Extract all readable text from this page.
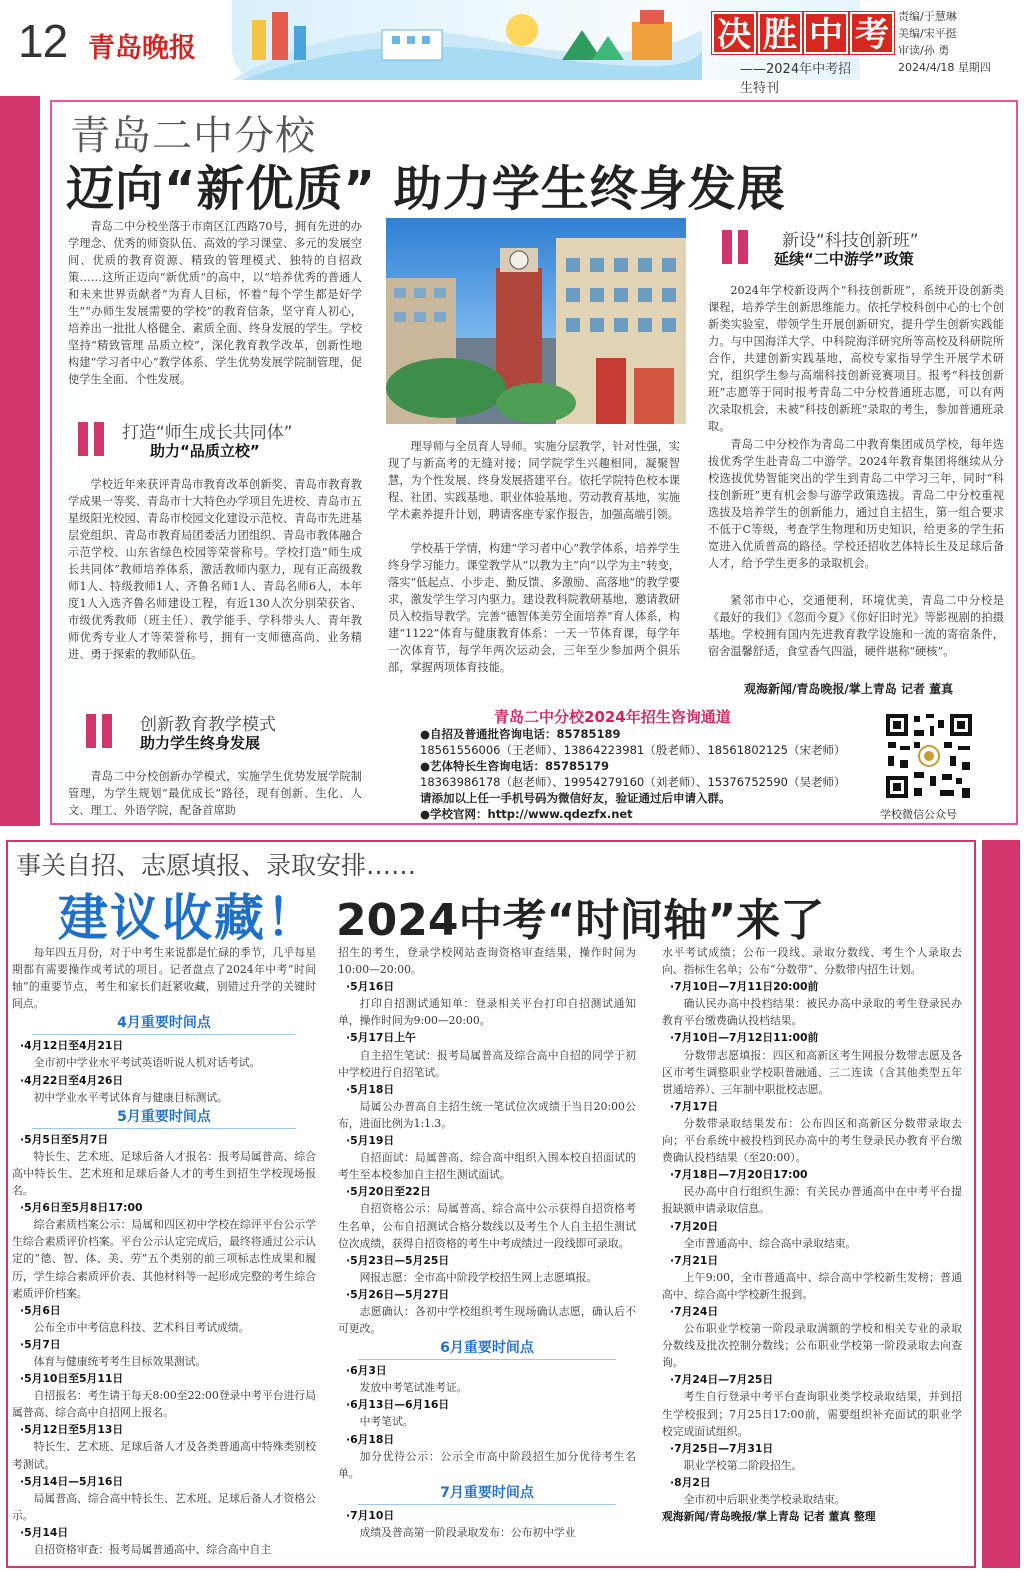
12 青岛晚报	决 胜 中 考
——2024年中考招生特刊
责编/于慧琳
美编/宋平挺
审读/孙 勇
2024/4/18 星期四
青岛二中分校
迈向“新优质” 助力学生终身发展
青岛二中分校坐落于市南区江西路70号，拥有先进的办学理念、优秀的师资队伍、高效的学习课堂、多元的发展空间、优质的教育资源、精致的管理模式、独特的自招政策……这所正迈向“新优质”的高中，以“培养优秀的普通人和未来世界贡献者”为育人目标，怀着“每个学生都是好学生”“办师生发展需要的学校”的教育信条，坚守育人初心，培养出一批批人格健全、素质全面、终身发展的学生。学校坚持“精致管理 品质立校”，深化教育教学改革，创新性地构建“学习者中心”教学体系、学生优势发展学院制管理，促使学生全面、个性发展。
打造“师生成长共同体”
助力“品质立校”
学校近年来获评青岛市教育改革创新奖、青岛市教育教学成果一等奖、青岛市十大特色办学项目先进校、青岛市五星级阳光校园、青岛市校园文化建设示范校、青岛市先进基层党组织、青岛市教育局团委活力团组织、青岛市教体融合示范学校、山东省绿色校园等荣誉称号。学校打造“师生成长共同体”教师培养体系，激活教师内驱力，现有正高级教师1人、特级教师1人、齐鲁名师1人、青岛名师6人，本年度1人入选齐鲁名师建设工程，有近130人次分别荣获省、市级优秀教师（班主任）、教学能手、学科带头人、青年教师优秀专业人才等荣誉称号，拥有一支师德高尚、业务精进、勇于探索的教师队伍。
创新教育教学模式
助力学生终身发展
青岛二中分校创新办学模式，实施学生优势发展学院制管理，为学生规划“最优成长”路径，现有创新、生化、人文、理工、外语学院，配备首席助
理导师与全员育人导师。实施分层教学，针对性强，实现了与新高考的无缝对接；同学院学生兴趣相同，凝聚智慧，为个性发展、终身发展搭建平台。依托学院特色校本课程、社团、实践基地、职业体验基地、劳动教育基地，实施学术素养提升计划，聘请客座专家作报告，加强高端引领。
学校基于学情，构建“学习者中心”教学体系，培养学生终身学习能力。课堂教学从“以教为主”向“以学为主”转变，落实“低起点、小步走、勤反馈、多激励、高落地”的教学要求，激发学生学习内驱力。建设教科院教研基地，邀请教研员入校指导教学。完善“德智体美劳全面培养”育人体系，构建“1122”体育与健康教育体系：一天一节体育课，每学年一次体育节，每学年两次运动会，三年至少参加两个俱乐部，掌握两项体育技能。
新设“科技创新班”
延续“二中游学”政策
2024年学校新设两个“科技创新班”，系统开设创新类课程，培养学生创新思维能力。依托学校科创中心的七个创新类实验室，带领学生开展创新研究，提升学生创新实践能力。与中国海洋大学、中科院海洋研究所等高校及科研院所合作，共建创新实践基地，高校专家指导学生开展学术研究，组织学生参与高端科技创新竞赛项目。报考“科技创新班”志愿等于同时报考青岛二中分校普通班志愿，可以有两次录取机会，未被“科技创新班”录取的考生，参加普通班录取。
青岛二中分校作为青岛二中教育集团成员学校，每年选拔优秀学生赴青岛二中游学。2024年教育集团将继续从分校选拔优势智能突出的学生到青岛二中学习三年，同时“科技创新班”更有机会参与游学政策选拔。青岛二中分校重视选拔及培养学生的创新能力，通过自主招生，第一组合要求不低于C等级，考查学生物理和历史知识，给更多的学生拓宽进入优质普高的路径。学校还招收艺体特长生及足球后备人才，给予学生更多的录取机会。
紧邻市中心，交通便利，环境优美，青岛二中分校是《最好的我们》《忽而今夏》《你好旧时光》等影视剧的拍摄基地。学校拥有国内先进教育教学设施和一流的寄宿条件，宿舍温馨舒适，食堂香气四溢，硬件堪称“硬核”。
观海新闻/青岛晚报/掌上青岛 记者 董真
青岛二中分校2024年招生咨询通道
●自招及普通批咨询电话：85785189
18561556006（王老师）、13864223981（殷老师）、18561802125（宋老师）
●艺体特长生咨询电话：85785179
18363986178（赵老师）、19954279160（刘老师）、15376752590（吴老师）
请添加以上任一手机号码为微信好友，验证通过后申请入群。
●学校官网：http://www.qdezfx.net	学校微信公众号
事关自招、志愿填报、录取安排……
建议收藏！ 2024中考“时间轴”来了
每年四五月份，对于中考生来说都是忙碌的季节，几乎每星期都有需要操作或考试的项目。记者盘点了2024年中考“时间轴”的重要节点，考生和家长们赶紧收藏，别错过升学的关键时间点。
4月重要时间点
·4月12日至4月21日
全市初中学业水平考试英语听说人机对话考试。
·4月22日至4月26日
初中学业水平考试体育与健康目标测试。
5月重要时间点
·5月5日至5月7日
特长生、艺术班、足球后备人才报名：报考局属普高、综合高中特长生、艺术班和足球后备人才的考生到招生学校现场报名。
·5月6日至5月8日17:00
综合素质档案公示：局属和四区初中学校在综评平台公示学生综合素质评价档案。平台公示认定完成后，最终将通过公示认定的“德、智、体、美、劳”五个类别的前三项标志性成果和履历，学生综合素质评价表、其他材料等一起形成完整的考生综合素质评价档案。
·5月6日
公布全市中考信息科技、艺术科目考试成绩。
·5月7日
体育与健康统考考生目标效果测试。
·5月10日至5月11日
自招报名：考生请于每天8:00至22:00登录中考平台进行局属普高、综合高中自招网上报名。
·5月12日至5月13日
特长生、艺术班、足球后备人才及各类普通高中特殊类别校考测试。
·5月14日—5月16日
局属普高、综合高中特长生、艺术班、足球后备人才资格公示。
·5月14日
自招资格审查：报考局属普通高中、综合高中自主
招生的考生，登录学校网站查询资格审查结果，操作时间为10:00—20:00。
·5月16日
打印自招测试通知单：登录相关平台打印自招测试通知单，操作时间为9:00—20:00。
·5月17日上午
自主招生笔试：报考局属普高及综合高中自招的同学于初中学校进行自招笔试。
·5月18日
局属公办普高自主招生统一笔试位次成绩于当日20:00公布，进面比例为1:1.3。
·5月19日
自招面试：局属普高、综合高中组织入围本校自招面试的考生至本校参加自主招生测试面试。
·5月20日至22日
自招资格公示：局属普高、综合高中公示获得自招资格考生名单，公布自招测试合格分数线以及考生个人自主招生测试位次成绩，获得自招资格的考生中考成绩过一段线即可录取。
·5月23日—5月25日
网报志愿：全市高中阶段学校招生网上志愿填报。
·5月26日—5月27日
志愿确认：各初中学校组织考生现场确认志愿，确认后不可更改。
6月重要时间点
·6月3日
发放中考笔试准考证。
·6月13日—6月16日
中考笔试。
·6月18日
加分优待公示：公示全市高中阶段招生加分优待考生名单。
7月重要时间点
·7月10日
成绩及普高第一阶段录取发布：公布初中学业
水平考试成绩；公布一段线、录取分数线、考生个人录取去向、指标生名单；公布“分数带”、分数带内招生计划。
·7月10日—7月11日20:00前
确认民办高中投档结果：被民办高中录取的考生登录民办教育平台缴费确认投档结果。
·7月10日—7月12日11:00前
分数带志愿填报：四区和高新区考生网报分数带志愿及各区市考生调整职业学校职普融通、三二连读（含其他类型五年贯通培养）、三年制中职批校志愿。
·7月17日
分数带录取结果发布：公布四区和高新区分数带录取去向；平台系统中被投档到民办高中的考生登录民办教育平台缴费确认投档结果（至20:00）。
·7月18日—7月20日17:00
民办高中自行组织生源：有关民办普通高中在中考平台提报缺额申请录取信息。
·7月20日
全市普通高中、综合高中录取结束。
·7月21日
上午9:00，全市普通高中、综合高中学校新生发榜；普通高中、综合高中学校新生报到。
·7月24日
公布职业学校第一阶段录取满额的学校和相关专业的录取分数线及批次控制分数线；公布职业学校第一阶段录取去向查询。
·7月24日—7月25日
考生自行登录中考平台查询职业类学校录取结果，并到招生学校报到；7月25日17:00前，需要组织补充面试的职业学校完成面试组织。
·7月25日—7月31日
职业学校第二阶段招生。
·8月2日
全市初中后职业类学校录取结束。
观海新闻/青岛晚报/掌上青岛 记者 董真 整理
